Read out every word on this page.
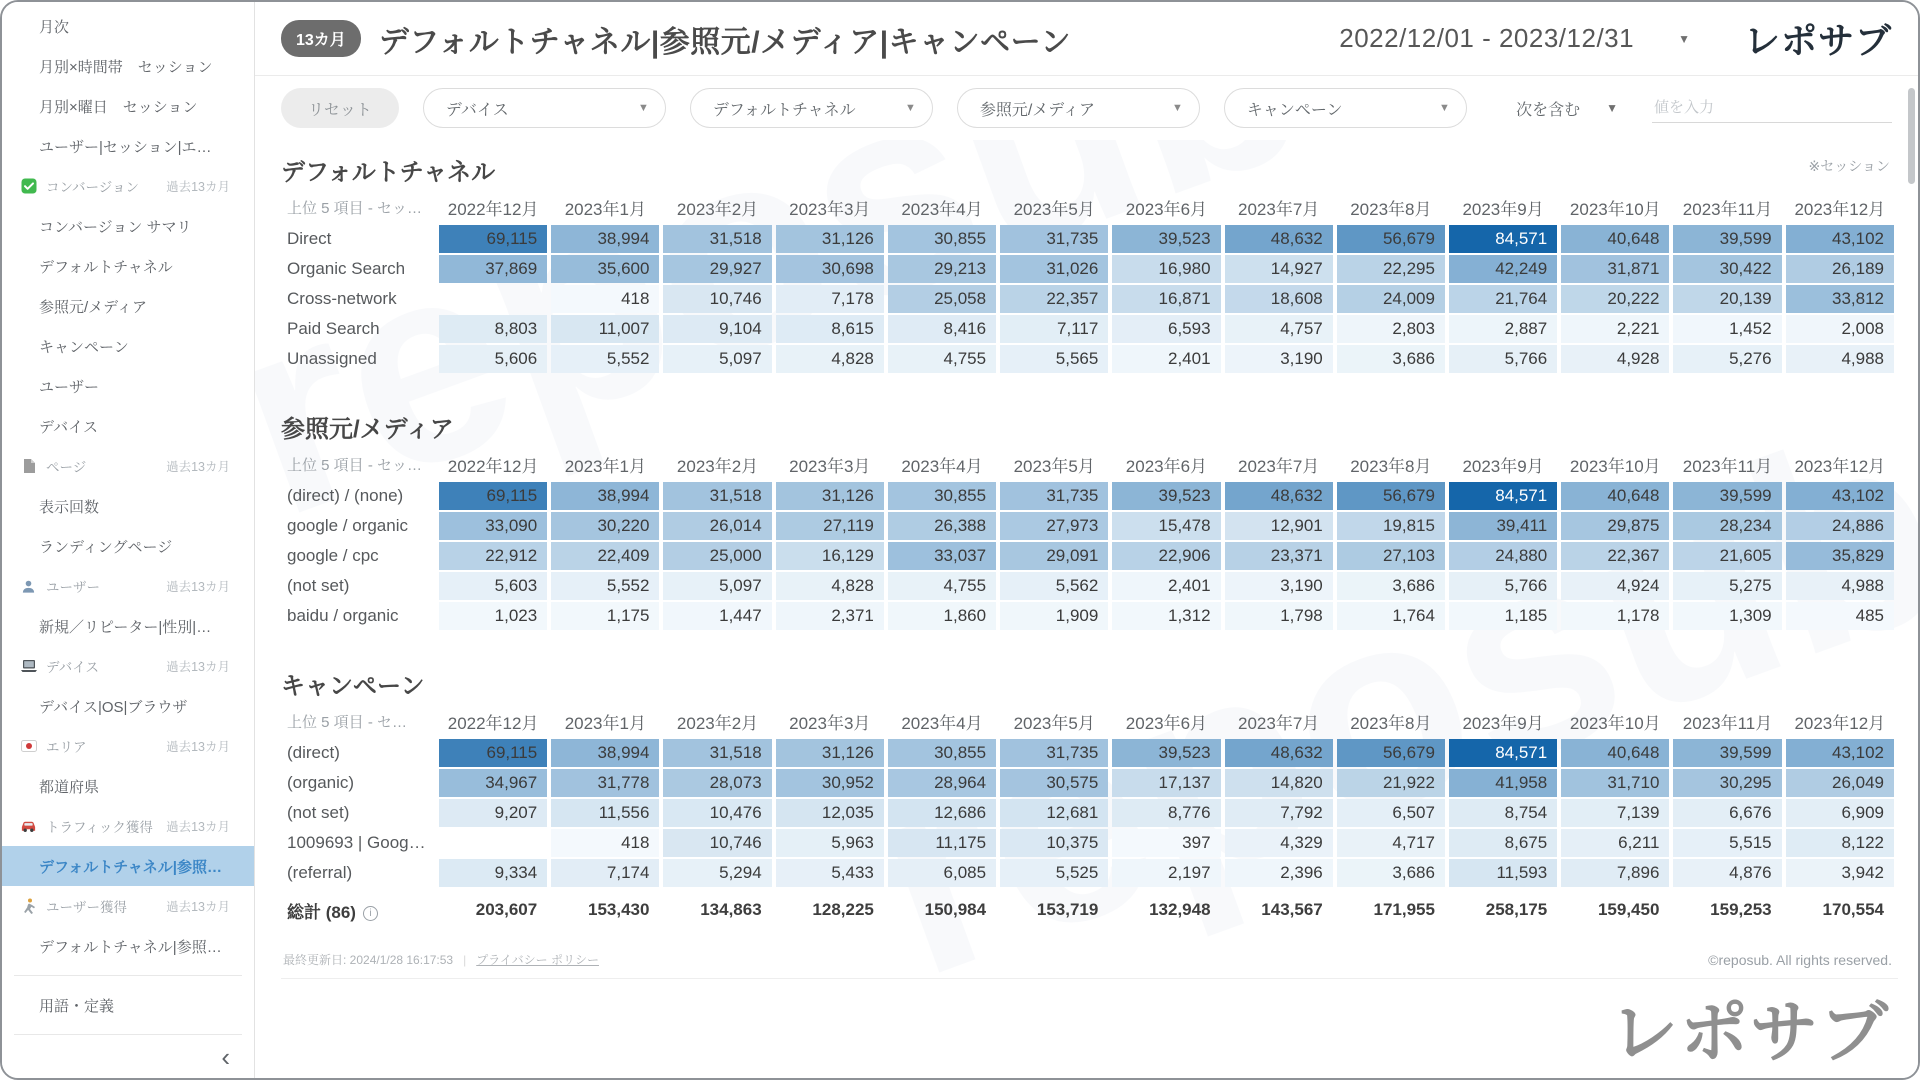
月次
月別×時間帯　セッション
月別×曜日　セッション
ユーザー|セッション|エ…
コンバージョン	過去13カ月
コンバージョン サマリ
デフォルトチャネル
参照元/メディア
キャンペーン
ユーザー
デバイス
ページ	過去13カ月
表示回数
ランディングページ
ユーザー	過去13カ月
新規／リピーター|性別|…
デバイス	過去13カ月
デバイス|OS|ブラウザ
エリア	過去13カ月
都道府県
トラフィック獲得	過去13カ月
デフォルトチャネル|参照…
ユーザー獲得	過去13カ月
デフォルトチャネル|参照…
用語・定義
‹
13カ月	デフォルトチャネル|参照元/メディア|キャンペーン	2022/12/01 - 2023/12/31	▼ レポサブ
リセット	デバイス	▼	デフォルトチャネル	▼	参照元/メディア	▼	キャンペーン	▼	次を含む ▼
値を入力
※セッション
デフォルトチャネル
上位 5 項目 - セッ…	2022年12月	2023年1月	2023年2月	2023年3月	2023年4月	2023年5月	2023年6月	2023年7月	2023年8月	2023年9月	2023年10月	2023年11月	2023年12月
Direct	69,115	38,994	31,518	31,126	30,855	31,735	39,523	48,632	56,679	84,571	40,648	39,599	43,102
Organic Search	37,869	35,600	29,927	30,698	29,213	31,026	16,980	14,927	22,295	42,249	31,871	30,422	26,189
Cross-network		418	10,746	7,178	25,058	22,357	16,871	18,608	24,009	21,764	20,222	20,139	33,812
Paid Search	8,803	11,007	9,104	8,615	8,416	7,117	6,593	4,757	2,803	2,887	2,221	1,452	2,008
Unassigned	5,606	5,552	5,097	4,828	4,755	5,565	2,401	3,190	3,686	5,766	4,928	5,276	4,988
参照元/メディア
上位 5 項目 - セッ…	2022年12月	2023年1月	2023年2月	2023年3月	2023年4月	2023年5月	2023年6月	2023年7月	2023年8月	2023年9月	2023年10月	2023年11月	2023年12月
(direct) / (none)	69,115	38,994	31,518	31,126	30,855	31,735	39,523	48,632	56,679	84,571	40,648	39,599	43,102
google / organic	33,090	30,220	26,014	27,119	26,388	27,973	15,478	12,901	19,815	39,411	29,875	28,234	24,886
google / cpc	22,912	22,409	25,000	16,129	33,037	29,091	22,906	23,371	27,103	24,880	22,367	21,605	35,829
(not set)	5,603	5,552	5,097	4,828	4,755	5,562	2,401	3,190	3,686	5,766	4,924	5,275	4,988
baidu / organic	1,023	1,175	1,447	2,371	1,860	1,909	1,312	1,798	1,764	1,185	1,178	1,309	485
キャンペーン
上位 5 項目 - セ…	2022年12月	2023年1月	2023年2月	2023年3月	2023年4月	2023年5月	2023年6月	2023年7月	2023年8月	2023年9月	2023年10月	2023年11月	2023年12月
(direct)	69,115	38,994	31,518	31,126	30,855	31,735	39,523	48,632	56,679	84,571	40,648	39,599	43,102
(organic)	34,967	31,778	28,073	30,952	28,964	30,575	17,137	14,820	21,922	41,958	31,710	30,295	26,049
(not set)	9,207	11,556	10,476	12,035	12,686	12,681	8,776	7,792	6,507	8,754	7,139	6,676	6,909
1009693 | Goog…		418	10,746	5,963	11,175	10,375	397	4,329	4,717	8,675	6,211	5,515	8,122
(referral)	9,334	7,174	5,294	5,433	6,085	5,525	2,197	2,396	3,686	11,593	7,896	4,876	3,942
総計 (86) i	203,607	153,430	134,863	128,225	150,984	153,719	132,948	143,567	171,955	258,175	159,450	159,253	170,554
最終更新日: 2024/1/28 16:17:53 | プライバシー ポリシー	©reposub. All rights reserved.
レポサブ
